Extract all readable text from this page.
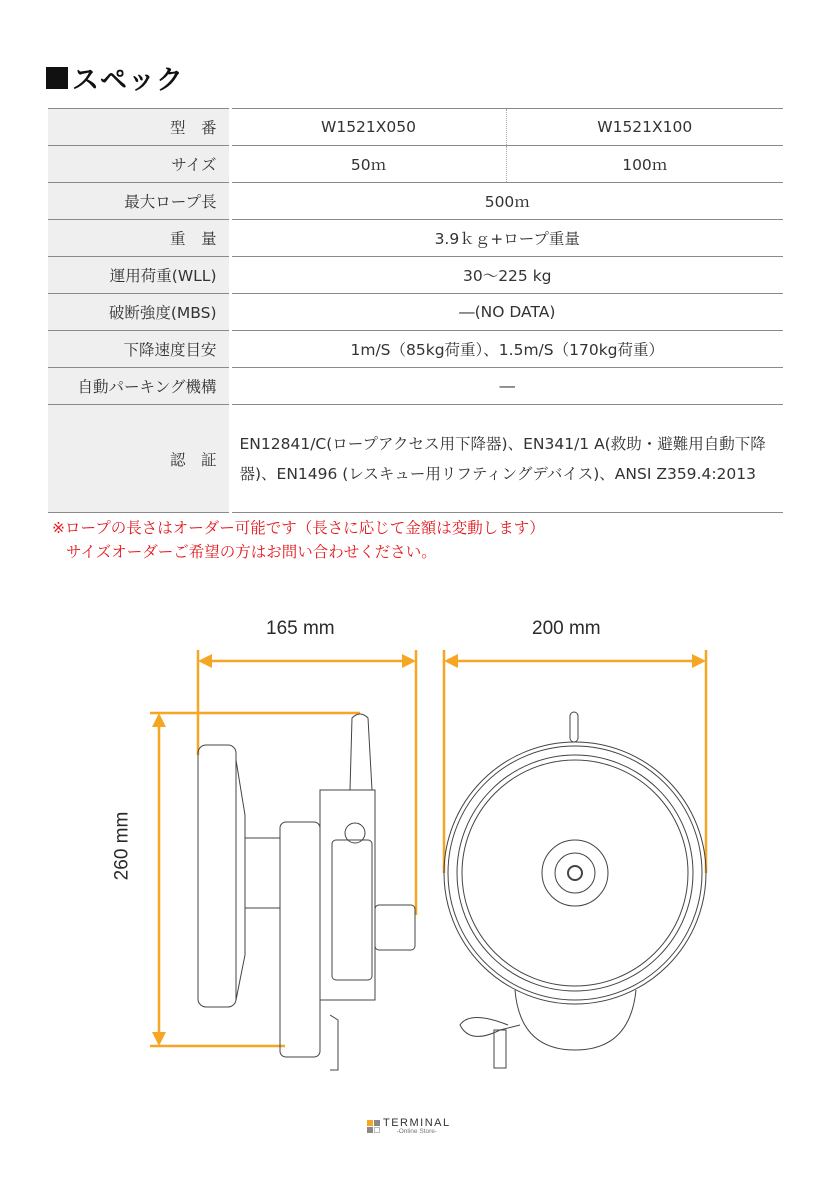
スペック
型　番	W1521X050	W1521X100
サイズ	50ｍ	100ｍ
最大ロープ長	500ｍ	
重　量	3.9ｋｇ+ロープ重量	
運用荷重(WLL)	30～225 kg	
破断強度(MBS)	―(NO DATA)	
下降速度目安	1m/S（85kg荷重）、1.5m/S（170kg荷重）	
自動パーキング機構	―	
認　証	EN12841/C(ロープアクセス用下降器)、EN341/1 A(救助・避難用自動下降器)、EN1496 (レスキュー用リフティングデバイス)、ANSI Z359.4:2013	
※ロープの長さはオーダー可能です（長さに応じて金額は変動します）
サイズオーダーご希望の方はお問い合わせください。
165 mm	200 mm
260 mm
TERMINAL
-Online Store-
